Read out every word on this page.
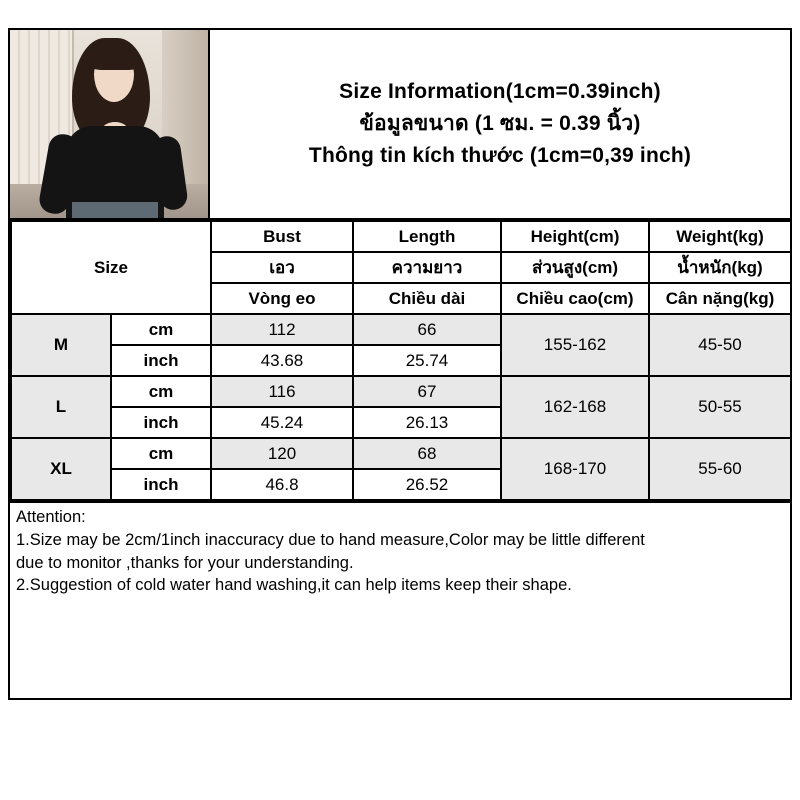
Size Information(1cm=0.39inch)
ข้อมูลขนาด (1 ซม. = 0.39 นิ้ว)
Thông tin kích thước (1cm=0,39 inch)
Size		Bust	Length	Height(cm)	Weight(kg)
		เอว	ความยาว	ส่วนสูง(cm)	น้ำหนัก(kg)
		Vòng eo	Chiều dài	Chiều cao(cm)	Cân nặng(kg)
M	cm	112	66	155-162	45-50
	inch	43.68	25.74		
L	cm	116	67	162-168	50-55
	inch	45.24	26.13		
XL	cm	120	68	168-170	55-60
	inch	46.8	26.52		

Attention:

1.Size may be 2cm/1inch inaccuracy due to hand measure,Color may be little different

due to monitor ,thanks for your understanding.

2.Suggestion of cold water hand washing,it can help items keep their shape.
